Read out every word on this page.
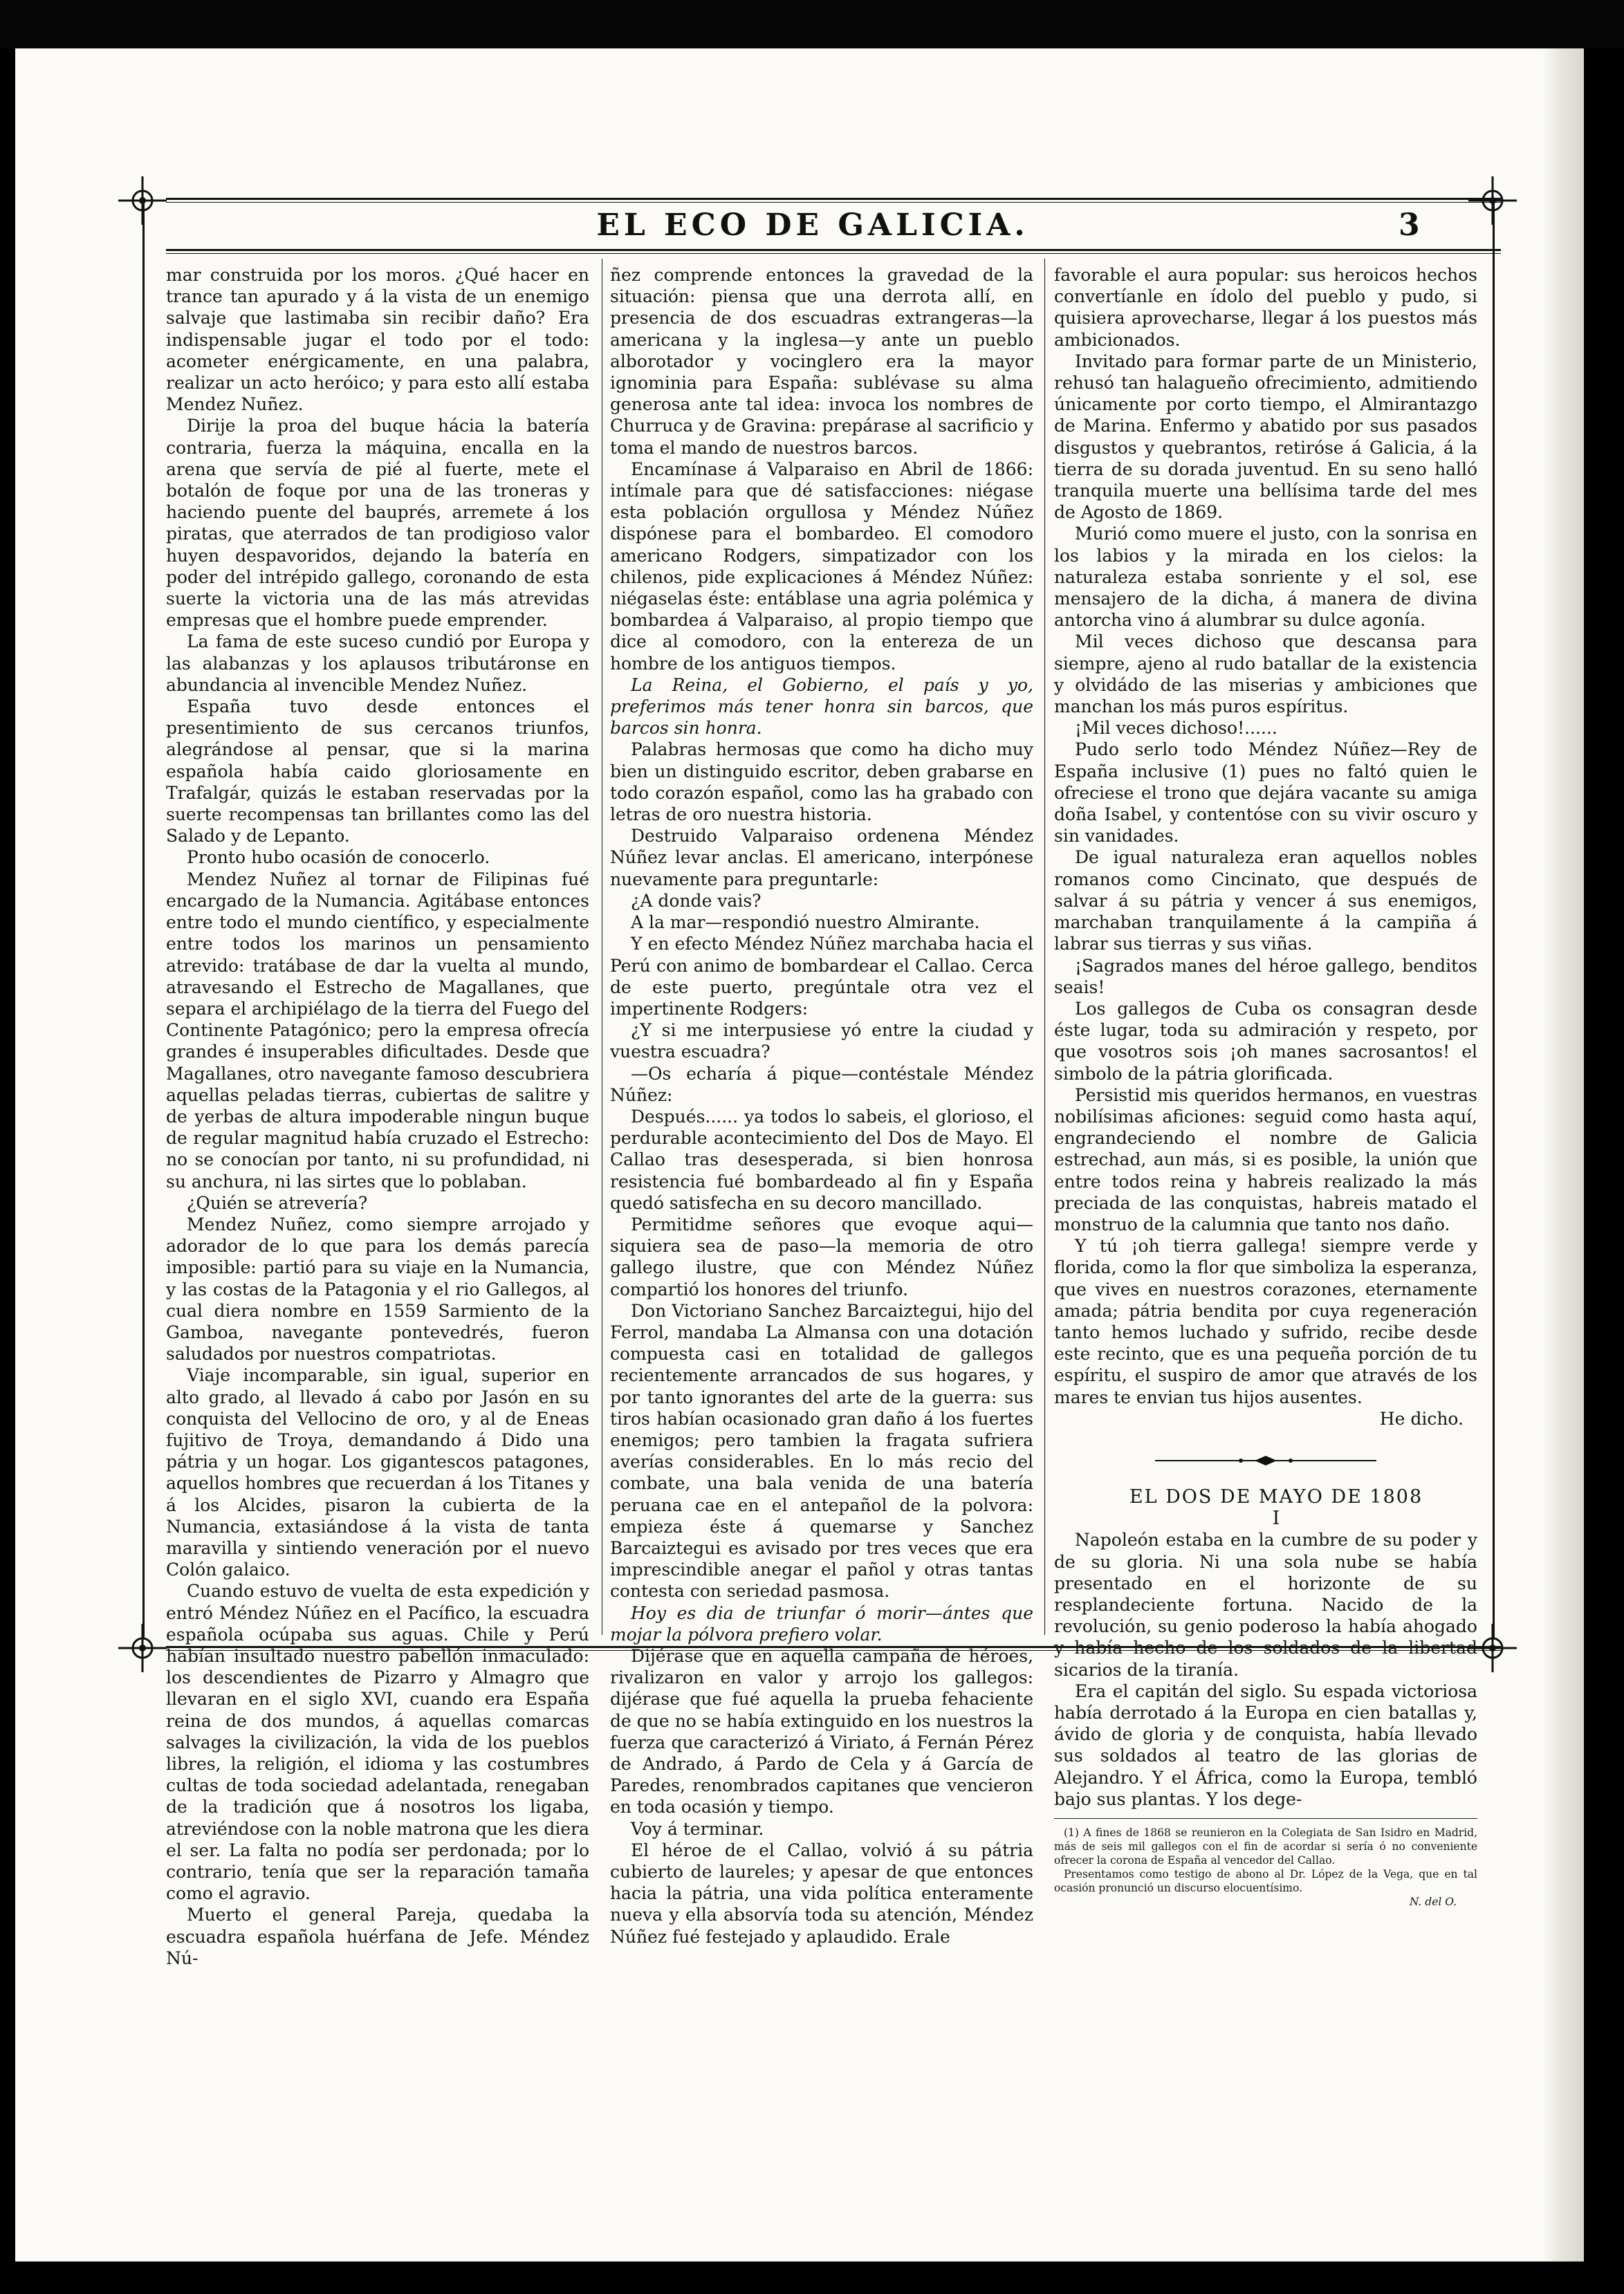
EL ECO DE GALICIA.	3

mar construida por los moros. ¿Qué hacer en trance tan apurado y á la vista de un enemigo salvaje que lastimaba sin recibir daño? Era indispensable jugar el todo por el todo: acometer enérgicamente, en una palabra, realizar un acto heróico; y para esto allí estaba Mendez Nuñez.

Dirije la proa del buque hácia la batería contraria, fuerza la máquina, encalla en la arena que servía de pié al fuerte, mete el botalón de foque por una de las troneras y haciendo puente del bauprés, arremete á los piratas, que aterrados de tan prodigioso valor huyen despavoridos, dejando la batería en poder del intrépido gallego, coronando de esta suerte la victoria una de las más atrevidas empresas que el hombre puede emprender.

La fama de este suceso cundió por Europa y las alabanzas y los aplausos tributáronse en abundancia al invencible Mendez Nuñez.

España tuvo desde entonces el presentimiento de sus cercanos triunfos, alegrándose al pensar, que si la marina española había caido gloriosamente en Trafalgár, quizás le estaban reservadas por la suerte recompensas tan brillantes como las del Salado y de Lepanto.

Pronto hubo ocasión de conocerlo.

Mendez Nuñez al tornar de Filipinas fué encargado de la Numancia. Agitábase entonces entre todo el mundo científico, y especialmente entre todos los marinos un pensamiento atrevido: tratábase de dar la vuelta al mundo, atravesando el Estrecho de Magallanes, que separa el archipiélago de la tierra del Fuego del Continente Patagónico; pero la empresa ofrecía grandes é insuperables dificultades. Desde que Magallanes, otro navegante famoso descubriera aquellas peladas tierras, cubiertas de salitre y de yerbas de altura impoderable ningun buque de regular magnitud había cruzado el Estrecho: no se conocían por tanto, ni su profundidad, ni su anchura, ni las sirtes que lo poblaban.

¿Quién se atrevería?

Mendez Nuñez, como siempre arrojado y adorador de lo que para los demás parecía imposible: partió para su viaje en la Numancia, y las costas de la Patagonia y el rio Gallegos, al cual diera nombre en 1559 Sarmiento de la Gamboa, navegante pontevedrés, fueron saludados por nuestros compatriotas.

Viaje incomparable, sin igual, superior en alto grado, al llevado á cabo por Jasón en su conquista del Vellocino de oro, y al de Eneas fujitivo de Troya, demandando á Dido una pátria y un hogar. Los gigantescos patagones, aquellos hombres que recuerdan á los Titanes y á los Alcides, pisaron la cubierta de la Numancia, extasiándose á la vista de tanta maravilla y sintiendo veneración por el nuevo Colón galaico.

Cuando estuvo de vuelta de esta expedición y entró Méndez Núñez en el Pacífico, la escuadra española ocúpaba sus aguas. Chile y Perú habían insultado nuestro pabellón inmaculado: los descendientes de Pizarro y Almagro que llevaran en el siglo XVI, cuando era España reina de dos mundos, á aquellas comarcas salvages la civilización, la vida de los pueblos libres, la religión, el idioma y las costumbres cultas de toda sociedad adelantada, renegaban de la tradición que á nosotros los ligaba, atreviéndose con la noble matrona que les diera el ser. La falta no podía ser perdonada; por lo contrario, tenía que ser la reparación tamaña como el agravio.

Muerto el general Pareja, quedaba la escuadra española huérfana de Jefe. Méndez Nú-

ñez comprende entonces la gravedad de la situación: piensa que una derrota allí, en presencia de dos escuadras extrangeras—la americana y la inglesa—y ante un pueblo alborotador y vocinglero era la mayor ignominia para España: sublévase su alma generosa ante tal idea: invoca los nombres de Churruca y de Gravina: prepárase al sacrificio y toma el mando de nuestros barcos.

Encamínase á Valparaiso en Abril de 1866: intímale para que dé satisfacciones: niégase esta población orgullosa y Méndez Núñez dispónese para el bombardeo. El comodoro americano Rodgers, simpatizador con los chilenos, pide explicaciones á Méndez Núñez: niégaselas éste: entáblase una agria polémica y bombardea á Valparaiso, al propio tiempo que dice al comodoro, con la entereza de un hombre de los antiguos tiempos.

La Reina, el Gobierno, el país y yo, preferimos más tener honra sin barcos, que barcos sin honra.

Palabras hermosas que como ha dicho muy bien un distinguido escritor, deben grabarse en todo corazón español, como las ha grabado con letras de oro nuestra historia.

Destruido Valparaiso ordenena Méndez Núñez levar anclas. El americano, interpónese nuevamente para preguntarle:

¿A donde vais?

A la mar—respondió nuestro Almirante.

Y en efecto Méndez Núñez marchaba hacia el Perú con animo de bombardear el Callao. Cerca de este puerto, pregúntale otra vez el impertinente Rodgers:

¿Y si me interpusiese yó entre la ciudad y vuestra escuadra?

—Os echaría á pique—contéstale Méndez Núñez:

Después...... ya todos lo sabeis, el glorioso, el perdurable acontecimiento del Dos de Mayo. El Callao tras desesperada, si bien honrosa resistencia fué bombardeado al fin y España quedó satisfecha en su decoro mancillado.

Permitidme señores que evoque aqui—siquiera sea de paso—la memoria de otro gallego ilustre, que con Méndez Núñez compartió los honores del triunfo.

Don Victoriano Sanchez Barcaiztegui, hijo del Ferrol, mandaba La Almansa con una dotación compuesta casi en totalidad de gallegos recientemente arrancados de sus hogares, y por tanto ignorantes del arte de la guerra: sus tiros habían ocasionado gran daño á los fuertes enemigos; pero tambien la fragata sufriera averías considerables. En lo más recio del combate, una bala venida de una batería peruana cae en el antepañol de la polvora: empieza éste á quemarse y Sanchez Barcaiztegui es avisado por tres veces que era imprescindible anegar el pañol y otras tantas contesta con seriedad pasmosa.

Hoy es dia de triunfar ó morir—ántes que mojar la pólvora prefiero volar.

Dijérase que en aquella campaña de héroes, rivalizaron en valor y arrojo los gallegos: dijérase que fué aquella la prueba fehaciente de que no se había extinguido en los nuestros la fuerza que caracterizó á Viriato, á Fernán Pérez de Andrado, á Pardo de Cela y á García de Paredes, renombrados capitanes que vencieron en toda ocasión y tiempo.

Voy á terminar.

El héroe de el Callao, volvió á su pátria cubierto de laureles; y apesar de que entonces hacia la pátria, una vida política enteramente nueva y ella absorvía toda su atención, Méndez Núñez fué festejado y aplaudido. Erale

favorable el aura popular: sus heroicos hechos convertíanle en ídolo del pueblo y pudo, si quisiera aprovecharse, llegar á los puestos más ambicionados.

Invitado para formar parte de un Ministerio, rehusó tan halagueño ofrecimiento, admitiendo únicamente por corto tiempo, el Almirantazgo de Marina. Enfermo y abatido por sus pasados disgustos y quebrantos, retiróse á Galicia, á la tierra de su dorada juventud. En su seno halló tranquila muerte una bellísima tarde del mes de Agosto de 1869.

Murió como muere el justo, con la sonrisa en los labios y la mirada en los cielos: la naturaleza estaba sonriente y el sol, ese mensajero de la dicha, á manera de divina antorcha vino á alumbrar su dulce agonía.

Mil veces dichoso que descansa para siempre, ajeno al rudo batallar de la existencia y olvidádo de las miserias y ambiciones que manchan los más puros espíritus.

¡Mil veces dichoso!......

Pudo serlo todo Méndez Núñez—Rey de España inclusive (1) pues no faltó quien le ofreciese el trono que dejára vacante su amiga doña Isabel, y contentóse con su vivir oscuro y sin vanidades.

De igual naturaleza eran aquellos nobles romanos como Cincinato, que después de salvar á su pátria y vencer á sus enemigos, marchaban tranquilamente á la campiña á labrar sus tierras y sus viñas.

¡Sagrados manes del héroe gallego, benditos seais!

Los gallegos de Cuba os consagran desde éste lugar, toda su admiración y respeto, por que vosotros sois ¡oh manes sacrosantos! el simbolo de la pátria glorificada.

Persistid mis queridos hermanos, en vuestras nobilísimas aficiones: seguid como hasta aquí, engrandeciendo el nombre de Galicia estrechad, aun más, si es posible, la unión que entre todos reina y habreis realizado la más preciada de las conquistas, habreis matado el monstruo de la calumnia que tanto nos daño.

Y tú ¡oh tierra gallega! siempre verde y florida, como la flor que simboliza la esperanza, que vives en nuestros corazones, eternamente amada; pátria bendita por cuya regeneración tanto hemos luchado y sufrido, recibe desde este recinto, que es una pequeña porción de tu espíritu, el suspiro de amor que através de los mares te envian tus hijos ausentes.

He dicho.

EL DOS DE MAYO DE 1808

I

Napoleón estaba en la cumbre de su poder y de su gloria. Ni una sola nube se había presentado en el horizonte de su resplandeciente fortuna. Nacido de la revolución, su genio poderoso la había ahogado y había hecho de los soldados de la libertad sicarios de la tiranía.

Era el capitán del siglo. Su espada victoriosa había derrotado á la Europa en cien batallas y, ávido de gloria y de conquista, había llevado sus soldados al teatro de las glorias de Alejandro. Y el África, como la Europa, tembló bajo sus plantas. Y los dege-

(1) A fines de 1868 se reunieron en la Colegiata de San Isidro en Madrid, más de seis mil gallegos con el fin de acordar si sería ó no conveniente ofrecer la corona de España al vencedor del Callao.

Presentamos como testigo de abono al Dr. López de la Vega, que en tal ocasión pronunció un discurso elocuentísimo.

N. del O.
